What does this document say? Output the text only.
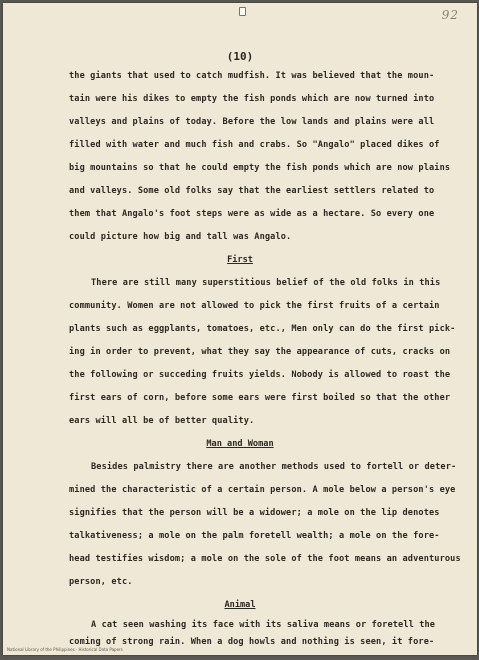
92
(10)
the giants that used to catch mudfish. It was believed that the moun-
tain were his dikes to empty the fish ponds which are now turned into
valleys and plains of today. Before the low lands and plains were all
filled with water and much fish and crabs. So "Angalo" placed dikes of
big mountains so that he could empty the fish ponds which are now plains
and valleys. Some old folks say that the earliest settlers related to
them that Angalo's foot steps were as wide as a hectare. So every one
could picture how big and tall was Angalo.
First
There are still many superstitious belief of the old folks in this
community. Women are not allowed to pick the first fruits of a certain
plants such as eggplants, tomatoes, etc., Men only can do the first pick-
ing in order to prevent, what they say the appearance of cuts, cracks on
the following or succeding fruits yields. Nobody is allowed to roast the
first ears of corn, before some ears were first boiled so that the other
ears will all be of better quality.
Man and Woman
Besides palmistry there are another methods used to fortell or deter-
mined the characteristic of a certain person. A mole below a person's eye
signifies that the person will be a widower; a mole on the lip denotes
talkativeness; a mole on the palm foretell wealth; a mole on the fore-
head testifies wisdom; a mole on the sole of the foot means an adventurous
person, etc.
Animal
A cat seen washing its face with its saliva means or foretell the
coming of strong rain. When a dog howls and nothing is seen, it fore-
National Library of the Philippines · Historical Data Papers
